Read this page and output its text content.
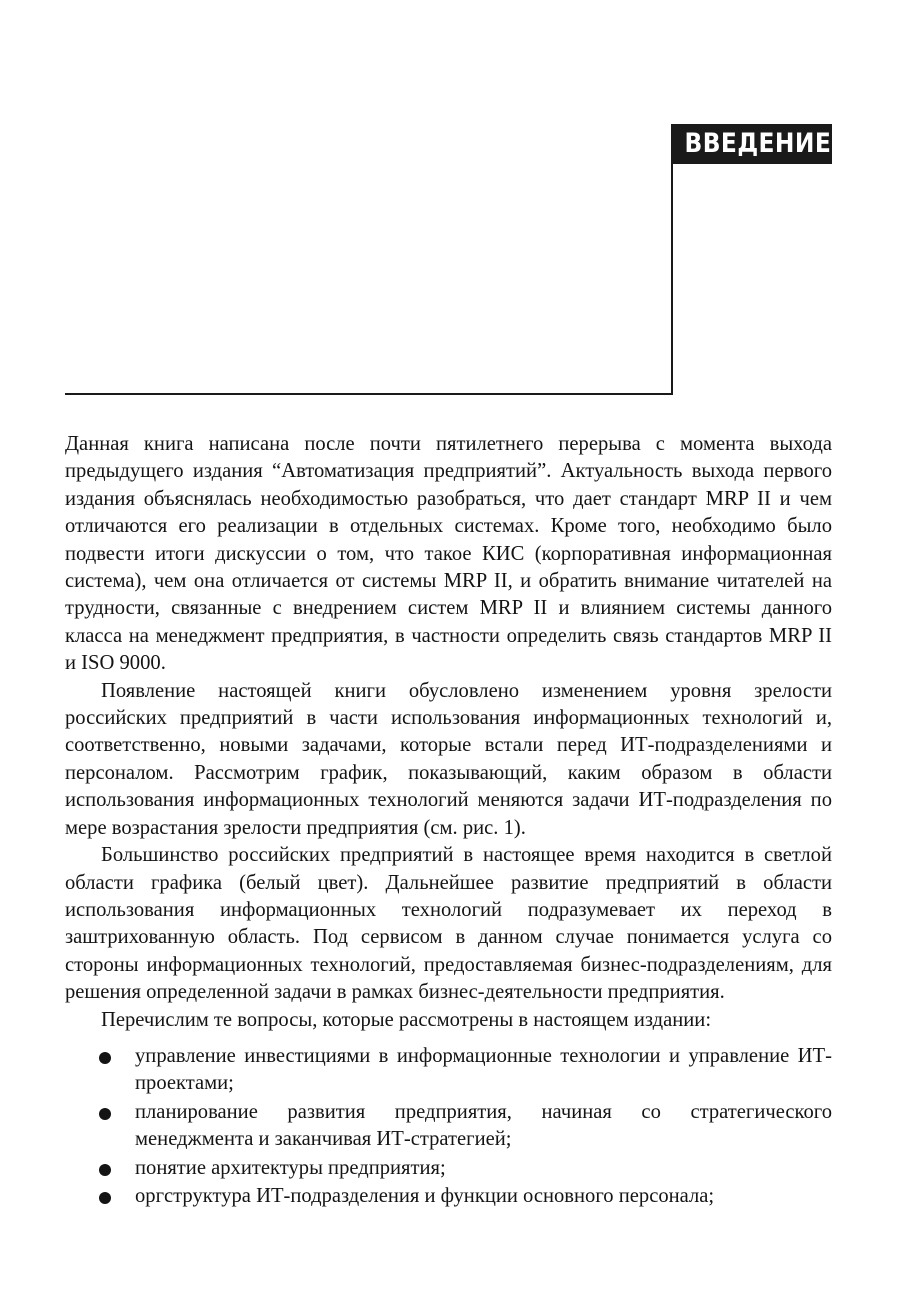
ВВЕДЕНИЕ

Данная книга написана после почти пятилетнего перерыва с момента выхода предыдущего издания “Автоматизация предприятий”. Актуальность выхода первого издания объяснялась необходимостью разобраться, что дает стандарт MRP II и чем отличаются его реализации в отдельных системах. Кроме того, необходимо было подвести итоги дискуссии о том, что такое КИС (корпоративная информационная система), чем она отличается от системы MRP II, и обратить внимание читателей на трудности, связанные с внедрением систем MRP II и влиянием системы данного класса на менеджмент предприятия, в частности определить связь стандартов MRP II и ISO 9000.

Появление настоящей книги обусловлено изменением уровня зрелости российских предприятий в части использования информационных технологий и, соответственно, новыми задачами, которые встали перед ИТ-подразделениями и персоналом. Рассмотрим график, показывающий, каким образом в области использования информационных технологий меняются задачи ИТ-подразделения по мере возрастания зрелости предприятия (см. рис. 1).

Большинство российских предприятий в настоящее время находится в светлой области графика (белый цвет). Дальнейшее развитие предприятий в области использования информационных технологий подразумевает их переход в заштрихованную область. Под сервисом в данном случае понимается услуга со стороны информационных технологий, предоставляемая бизнес-подразделениям, для решения определенной задачи в рамках бизнес-деятельности предприятия.

Перечислим те вопросы, которые рассмотрены в настоящем издании:

управление инвестициями в информационные технологии и управление ИТ-проектами;
планирование развития предприятия, начиная со стратегического менеджмента и заканчивая ИТ-стратегией;
понятие архитектуры предприятия;
оргструктура ИТ-подразделения и функции основного персонала;
